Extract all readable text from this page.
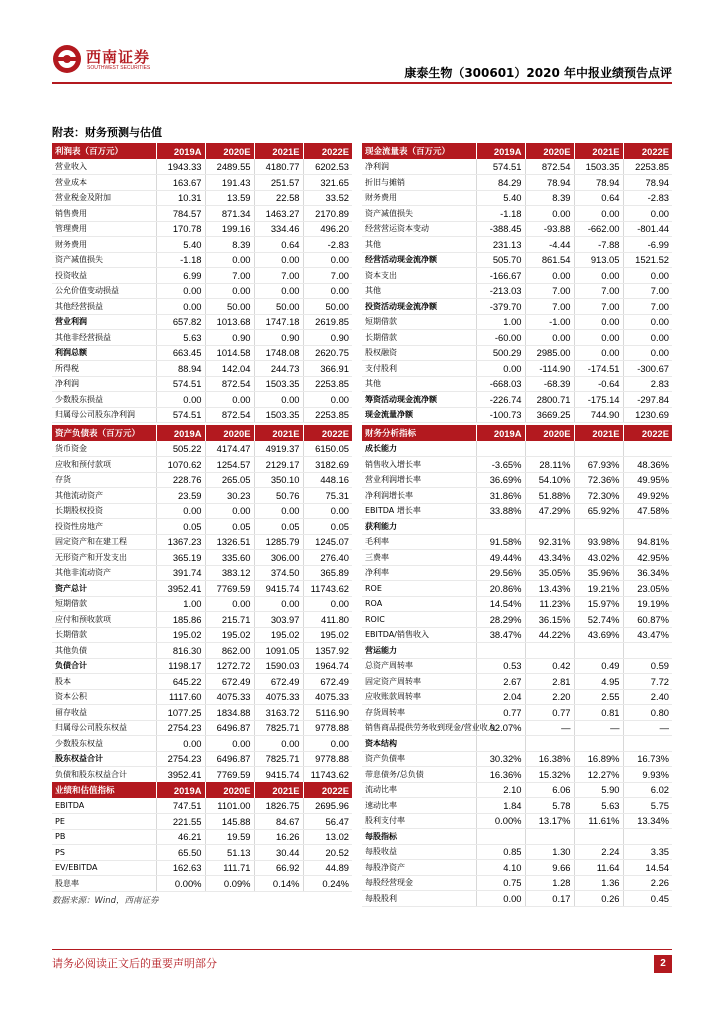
西南证券
SOUTHWEST SECURITIES	康泰生物（300601）2020 年中报业绩预告点评
附表：财务预测与估值
利润表（百万元）	2019A	2020E	2021E	2022E
营业收入	1943.33	2489.55	4180.77	6202.53
营业成本	163.67	191.43	251.57	321.65
营业税金及附加	10.31	13.59	22.58	33.52
销售费用	784.57	871.34	1463.27	2170.89
管理费用	170.78	199.16	334.46	496.20
财务费用	5.40	8.39	0.64	-2.83
资产减值损失	-1.18	0.00	0.00	0.00
投资收益	6.99	7.00	7.00	7.00
公允价值变动损益	0.00	0.00	0.00	0.00
其他经营损益	0.00	50.00	50.00	50.00
营业利润	657.82	1013.68	1747.18	2619.85
其他非经营损益	5.63	0.90	0.90	0.90
利润总额	663.45	1014.58	1748.08	2620.75
所得税	88.94	142.04	244.73	366.91
净利润	574.51	872.54	1503.35	2253.85
少数股东损益	0.00	0.00	0.00	0.00
归属母公司股东净利润	574.51	872.54	1503.35	2253.85
现金流量表（百万元）	2019A	2020E	2021E	2022E
净利润	574.51	872.54	1503.35	2253.85
折旧与摊销	84.29	78.94	78.94	78.94
财务费用	5.40	8.39	0.64	-2.83
资产减值损失	-1.18	0.00	0.00	0.00
经营营运资本变动	-388.45	-93.88	-662.00	-801.44
其他	231.13	-4.44	-7.88	-6.99
经营活动现金流净额	505.70	861.54	913.05	1521.52
资本支出	-166.67	0.00	0.00	0.00
其他	-213.03	7.00	7.00	7.00
投资活动现金流净额	-379.70	7.00	7.00	7.00
短期借款	1.00	-1.00	0.00	0.00
长期借款	-60.00	0.00	0.00	0.00
股权融资	500.29	2985.00	0.00	0.00
支付股利	0.00	-114.90	-174.51	-300.67
其他	-668.03	-68.39	-0.64	2.83
筹资活动现金流净额	-226.74	2800.71	-175.14	-297.84
现金流量净额	-100.73	3669.25	744.90	1230.69
资产负债表（百万元）	2019A	2020E	2021E	2022E
货币资金	505.22	4174.47	4919.37	6150.05
应收和预付款项	1070.62	1254.57	2129.17	3182.69
存货	228.76	265.05	350.10	448.16
其他流动资产	23.59	30.23	50.76	75.31
长期股权投资	0.00	0.00	0.00	0.00
投资性房地产	0.05	0.05	0.05	0.05
固定资产和在建工程	1367.23	1326.51	1285.79	1245.07
无形资产和开发支出	365.19	335.60	306.00	276.40
其他非流动资产	391.74	383.12	374.50	365.89
资产总计	3952.41	7769.59	9415.74	11743.62
短期借款	1.00	0.00	0.00	0.00
应付和预收款项	185.86	215.71	303.97	411.80
长期借款	195.02	195.02	195.02	195.02
其他负债	816.30	862.00	1091.05	1357.92
负债合计	1198.17	1272.72	1590.03	1964.74
股本	645.22	672.49	672.49	672.49
资本公积	1117.60	4075.33	4075.33	4075.33
留存收益	1077.25	1834.88	3163.72	5116.90
归属母公司股东权益	2754.23	6496.87	7825.71	9778.88
少数股东权益	0.00	0.00	0.00	0.00
股东权益合计	2754.23	6496.87	7825.71	9778.88
负债和股东权益合计	3952.41	7769.59	9415.74	11743.62
财务分析指标	2019A	2020E	2021E	2022E
成长能力				
销售收入增长率	-3.65%	28.11%	67.93%	48.36%
营业利润增长率	36.69%	54.10%	72.36%	49.95%
净利润增长率	31.86%	51.88%	72.30%	49.92%
EBITDA 增长率	33.88%	47.29%	65.92%	47.58%
获利能力				
毛利率	91.58%	92.31%	93.98%	94.81%
三费率	49.44%	43.34%	43.02%	42.95%
净利率	29.56%	35.05%	35.96%	36.34%
ROE	20.86%	13.43%	19.21%	23.05%
ROA	14.54%	11.23%	15.97%	19.19%
ROIC	28.29%	36.15%	52.74%	60.87%
EBITDA/销售收入	38.47%	44.22%	43.69%	43.47%
营运能力				
总资产周转率	0.53	0.42	0.49	0.59
固定资产周转率	2.67	2.81	4.95	7.72
应收账款周转率	2.04	2.20	2.55	2.40
存货周转率	0.77	0.77	0.81	0.80
销售商品提供劳务收到现金/营业收入	92.07%	—	—	—
资本结构				
资产负债率	30.32%	16.38%	16.89%	16.73%
带息债务/总负债	16.36%	15.32%	12.27%	9.93%
流动比率	2.10	6.06	5.90	6.02
速动比率	1.84	5.78	5.63	5.75
股利支付率	0.00%	13.17%	11.61%	13.34%
每股指标				
每股收益	0.85	1.30	2.24	3.35
每股净资产	4.10	9.66	11.64	14.54
每股经营现金	0.75	1.28	1.36	2.26
每股股利	0.00	0.17	0.26	0.45
业绩和估值指标	2019A	2020E	2021E	2022E
EBITDA	747.51	1101.00	1826.75	2695.96
PE	221.55	145.88	84.67	56.47
PB	46.21	19.59	16.26	13.02
PS	65.50	51.13	30.44	20.52
EV/EBITDA	162.63	111.71	66.92	44.89
股息率	0.00%	0.09%	0.14%	0.24%
数据来源：Wind，西南证券
请务必阅读正文后的重要声明部分	2
